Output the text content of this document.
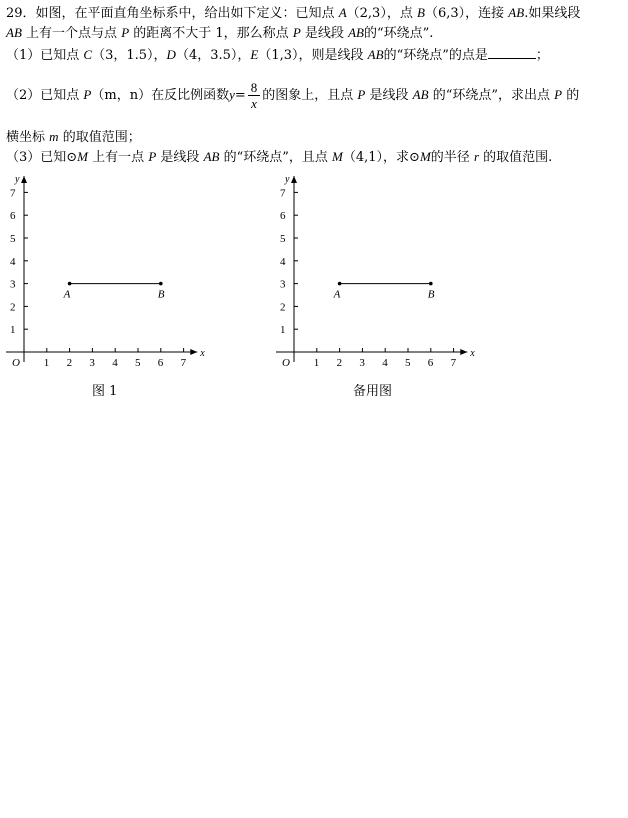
29．如图，在平面直角坐标系中，给出如下定义：已知点 A（2,3），点 B（6,3），连接 AB.如果线段
AB 上有一个点与点 P 的距离不大于 1，那么称点 P 是线段 AB的“环绕点”.
（1）已知点 C（3，1.5），D（4，3.5），E（1,3），则是线段 AB的“环绕点”的点是	；
（2）已知点 P（m，n）在反比例函数$y= \frac{8}{x}$ 的图象上，且点 P 是线段 AB 的“环绕点”，求出点 P 的
横坐标 m 的取值范围；
（3）已知⊙M 上有一点 P 是线段 AB 的“环绕点”，且点 M（4,1），求⊙M的半径 r 的取值范围.
x
y
O 1 2 3 4 5 6 7
1
2
3
4
5
6
7
A	B
x
y
O 1 2 3 4 5 6 7
1
2
3
4
5
6
7
A	B
图 1	备用图
